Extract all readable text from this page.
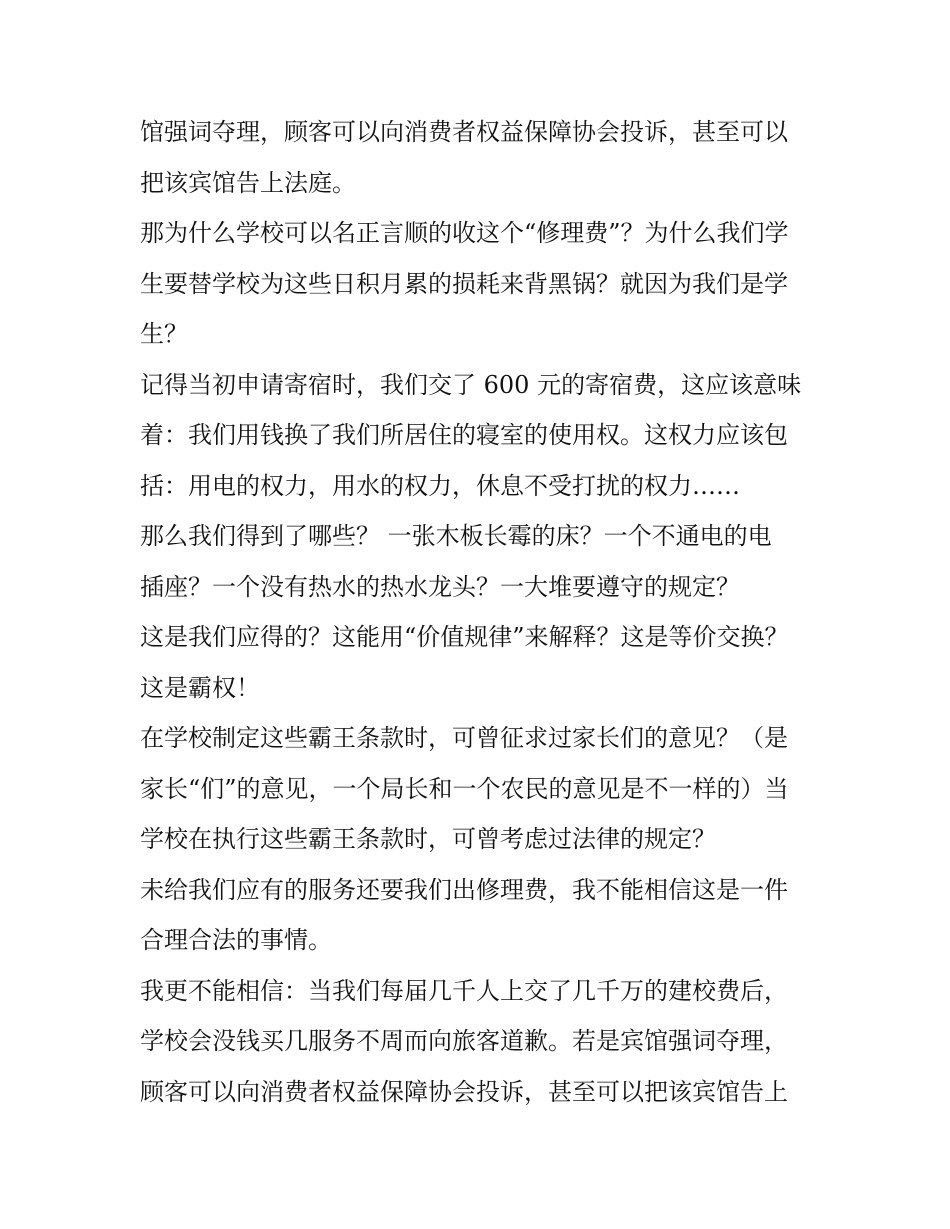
馆强词夺理，顾客可以向消费者权益保障协会投诉，甚至可以
把该宾馆告上法庭。
那为什么学校可以名正言顺的收这个“修理费”？为什么我们学
生要替学校为这些日积月累的损耗来背黑锅？就因为我们是学
生？
记得当初申请寄宿时，我们交了 600 元的寄宿费，这应该意味
着：我们用钱换了我们所居住的寝室的使用权。这权力应该包
括：用电的权力，用水的权力，休息不受打扰的权力……
那么我们得到了哪些？ 一张木板长霉的床？一个不通电的电
插座？一个没有热水的热水龙头？一大堆要遵守的规定？
这是我们应得的？这能用“价值规律”来解释？这是等价交换？
这是霸权！
在学校制定这些霸王条款时，可曾征求过家长们的意见？（是
家长“们”的意见，一个局长和一个农民的意见是不一样的）当
学校在执行这些霸王条款时，可曾考虑过法律的规定？
未给我们应有的服务还要我们出修理费，我不能相信这是一件
合理合法的事情。
我更不能相信：当我们每届几千人上交了几千万的建校费后，
学校会没钱买几服务不周而向旅客道歉。若是宾馆强词夺理，
顾客可以向消费者权益保障协会投诉，甚至可以把该宾馆告上
